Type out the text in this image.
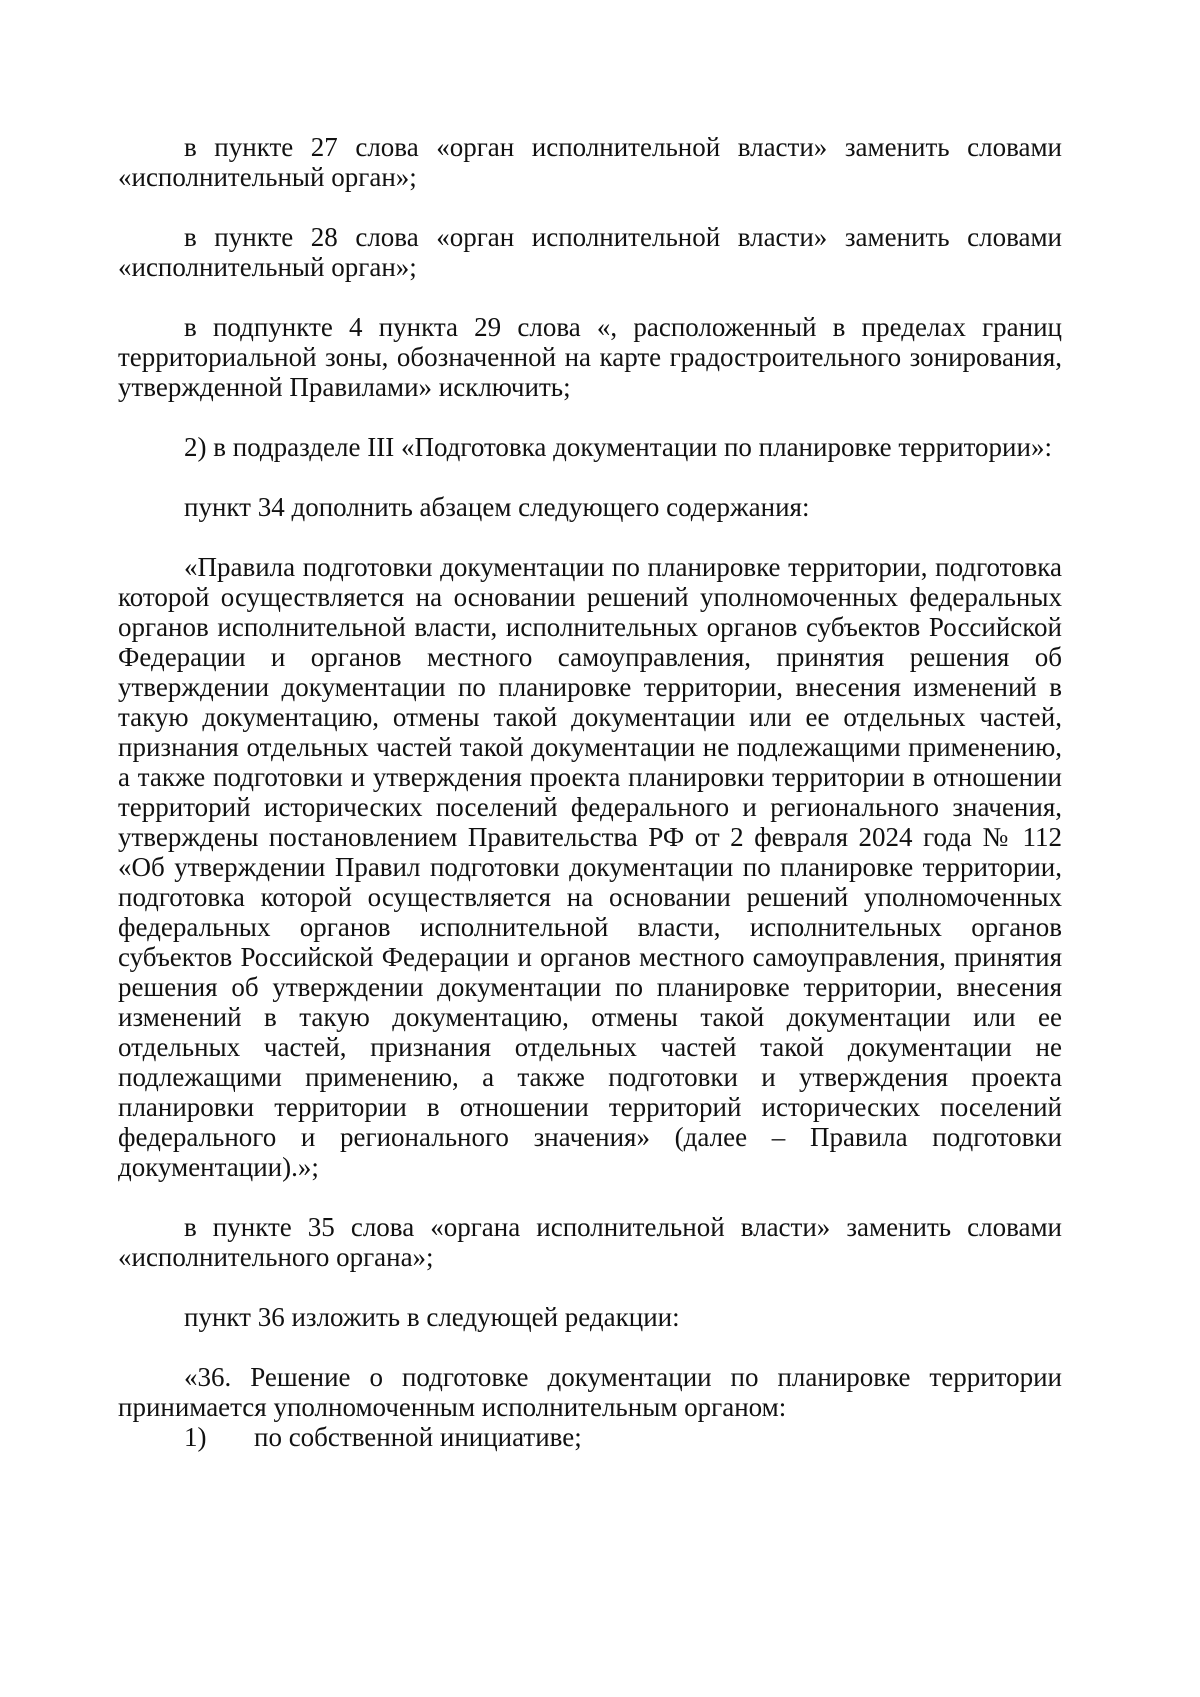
в пункте 27 слова «орган исполнительной власти» заменить словами «исполнительный орган»;

в пункте 28 слова «орган исполнительной власти» заменить словами «исполнительный орган»;

в подпункте 4 пункта 29 слова «, расположенный в пределах границ территориальной зоны, обозначенной на карте градостроительного зонирования, утвержденной Правилами» исключить;

2) в подразделе III «Подготовка документации по планировке территории»:

пункт 34 дополнить абзацем следующего содержания:

«Правила подготовки документации по планировке территории, подготовка которой осуществляется на основании решений уполномоченных федеральных органов исполнительной власти, исполнительных органов субъектов Российской Федерации и органов местного самоуправления, принятия решения об утверждении документации по планировке территории, внесения изменений в такую документацию, отмены такой документации или ее отдельных частей, признания отдельных частей такой документации не подлежащими применению, а также подготовки и утверждения проекта планировки территории в отношении территорий исторических поселений федерального и регионального значения, утверждены постановлением Правительства РФ от 2 февраля 2024 года № 112 «Об утверждении Правил подготовки документации по планировке территории, подготовка которой осуществляется на основании решений уполномоченных федеральных органов исполнительной власти, исполнительных органов субъектов Российской Федерации и органов местного самоуправления, принятия решения об утверждении документации по планировке территории, внесения изменений в такую документацию, отмены такой документации или ее отдельных частей, признания отдельных частей такой документации не подлежащими применению, а также подготовки и утверждения проекта планировки территории в отношении территорий исторических поселений федерального и регионального значения» (далее – Правила подготовки документации).»;

в пункте 35 слова «органа исполнительной власти» заменить словами «исполнительного органа»;

пункт 36 изложить в следующей редакции:

«36. Решение о подготовке документации по планировке территории принимается уполномоченным исполнительным органом:

1)	по собственной инициативе;
